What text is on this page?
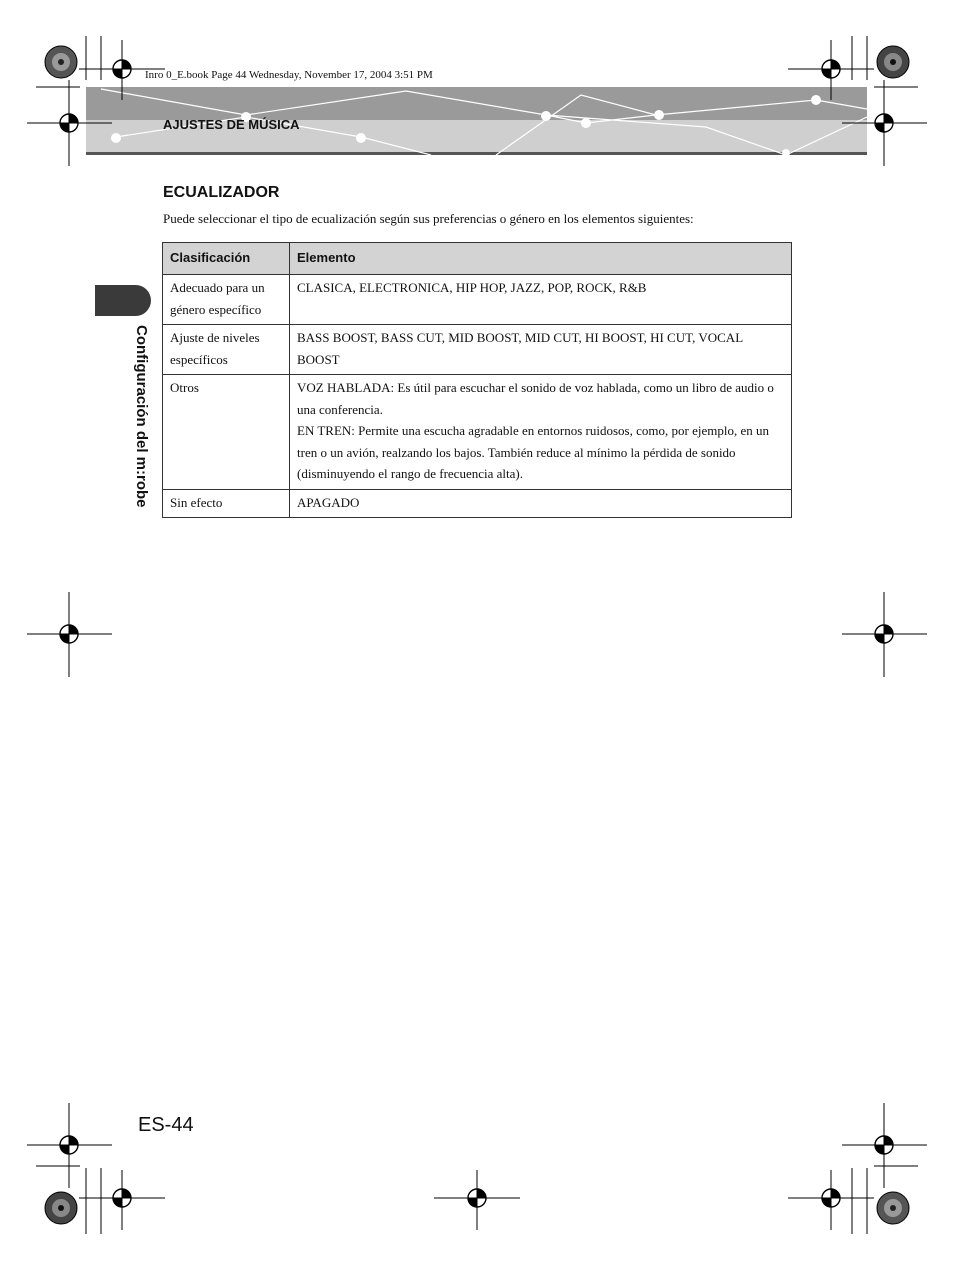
Inro 0_E.book Page 44 Wednesday, November 17, 2004 3:51 PM
AJUSTES DE MÚSICA
Configuración del m:robe
ECUALIZADOR
Puede seleccionar el tipo de ecualización según sus preferencias o género en los elementos siguientes:
Clasificación	Elemento
Adecuado para un género específico	CLASICA, ELECTRONICA, HIP HOP, JAZZ, POP, ROCK, R&B

Ajuste de niveles específicos	BASS BOOST, BASS CUT, MID BOOST, MID CUT, HI BOOST, HI CUT, VOCAL BOOST

Otros	VOZ HABLADA: Es útil para escuchar el sonido de voz hablada, como un libro de audio o una conferencia.
EN TREN: Permite una escucha agradable en entornos ruidosos, como, por ejemplo, en un tren o un avión, realzando los bajos. También reduce al mínimo la pérdida de sonido (disminuyendo el rango de frecuencia alta).

Sin efecto	APAGADO
ES-44
